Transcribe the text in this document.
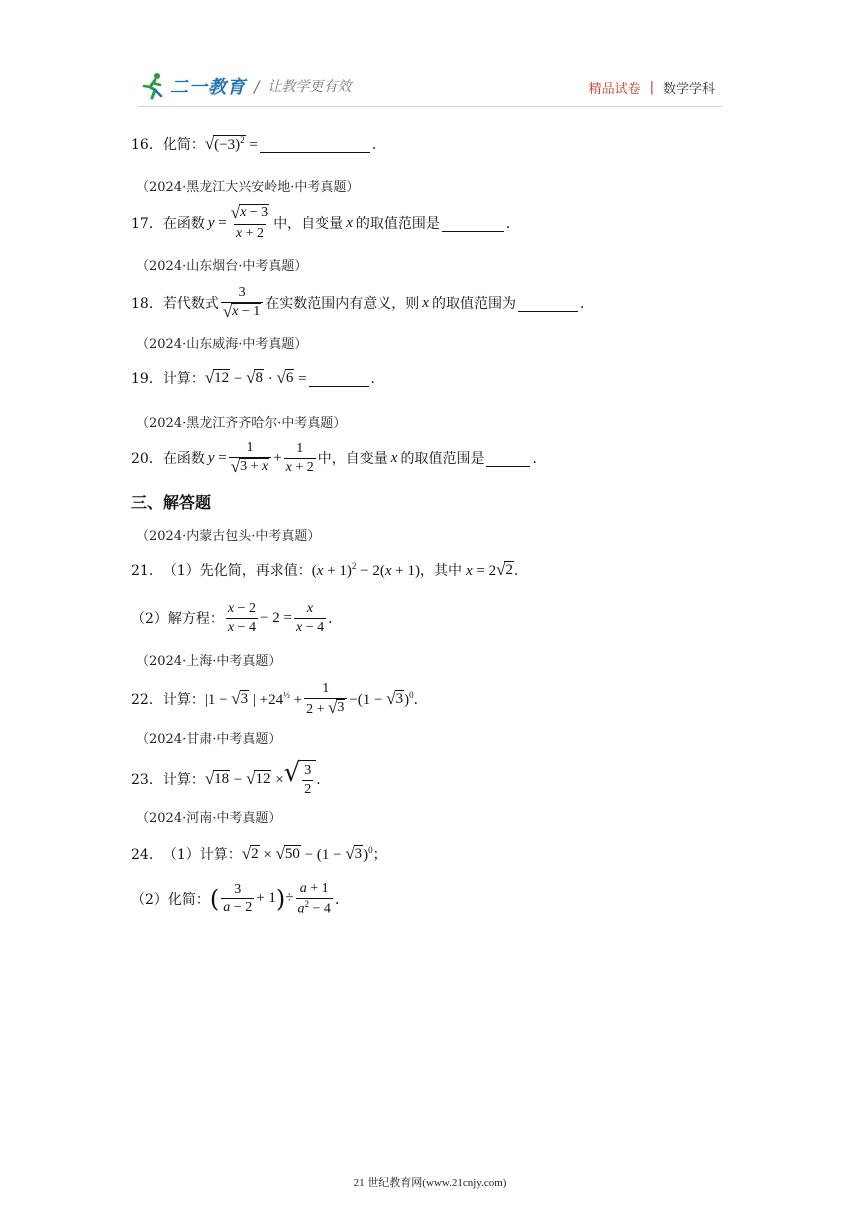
二一教育 / 让教学更有效	精品试卷 | 数学学科
16． 化简： √ $(-3)^2$ =	．
（2024·黑龙江大兴安岭地·中考真题）
17． 在函数 $y = \frac{√ x - 3}{x + 2}$ 中，自变量 x 的取值范围是	．
（2024·山东烟台·中考真题）
18． 若代数式 $\frac{3}{√ x - 1}$ 在实数范围内有意义，则 x 的取值范围为	．
（2024·山东威海·中考真题）
19． 计算： √ 12 − √ 8 · √ 6 =	．
（2024·黑龙江齐齐哈尔·中考真题）
20． 在函数 $y = \frac{1}{√ 3 + x} + \frac{1}{x + 2}$ 中，自变量 x 的取值范围是	．
三、解答题
（2024·内蒙古包头·中考真题）
21． （1）先化简，再求值： $(x + 1)^2 - 2(x + 1)$ ，其中 x = 2 √ 2 ．
（2）解方程： $\frac{x - 2}{x - 4} - 2 = \frac{x}{x - 4}$ ．
（2024·上海·中考真题）
22． 计算： |1 − √ 3 | $+24^{\frac{1}{2}} + \frac{1}{2 + √ 3} -(1$ − √ 3 )$^0$ ．
（2024·甘肃·中考真题）
23． 计算： √ 18 − √ 12 × √ $\frac{3}{2}$ ．
（2024·河南·中考真题）
24． （1）计算： √ 2 × √ 50 − (1 − √ 3 )$^0$ ；
（2）化简： ( $\frac{3}{a - 2} + 1$ ) ÷ $\frac{a + 1}{a^2 - 4}$ ．
21 世纪教育网(www.21cnjy.com)
